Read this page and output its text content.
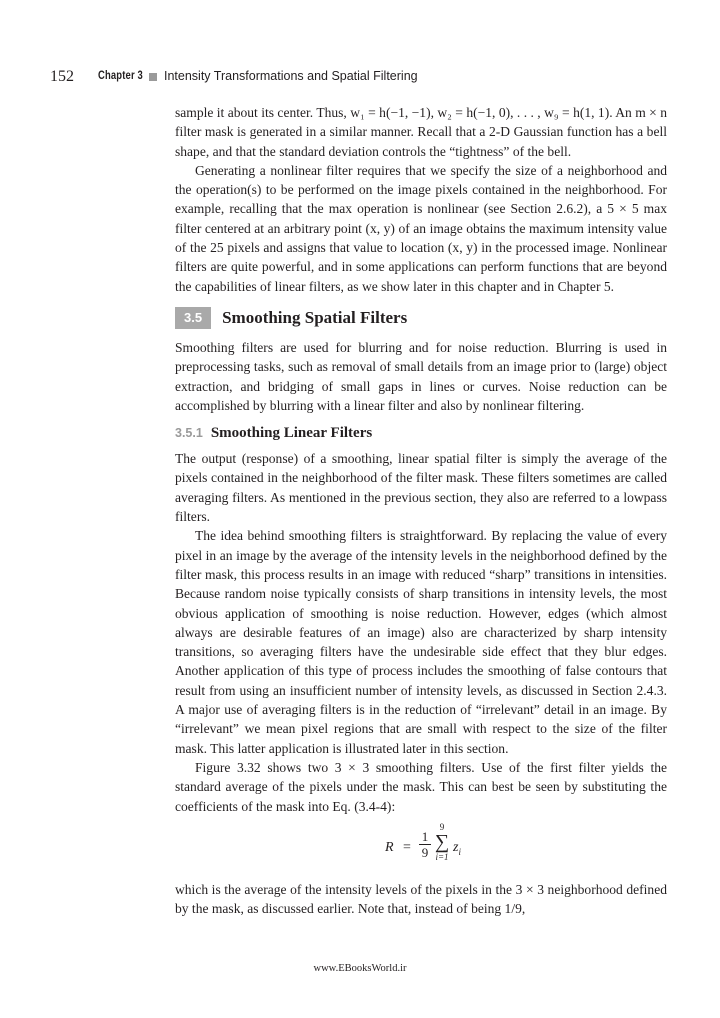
152 Chapter 3 Intensity Transformations and Spatial Filtering

sample it about its center. Thus, w₁ = h(−1, −1), w₂ = h(−1, 0), . . . , w₉ = h(1, 1). An m × n filter mask is generated in a similar manner. Recall that a 2-D Gaussian function has a bell shape, and that the standard deviation controls the “tightness” of the bell.

Generating a nonlinear filter requires that we specify the size of a neighborhood and the operation(s) to be performed on the image pixels contained in the neighborhood. For example, recalling that the max operation is nonlinear (see Section 2.6.2), a 5 × 5 max filter centered at an arbitrary point (x, y) of an image obtains the maximum intensity value of the 25 pixels and assigns that value to location (x, y) in the processed image. Nonlinear filters are quite powerful, and in some applications can perform functions that are beyond the capabilities of linear filters, as we show later in this chapter and in Chapter 5.

3.5	Smoothing Spatial Filters

Smoothing filters are used for blurring and for noise reduction. Blurring is used in preprocessing tasks, such as removal of small details from an image prior to (large) object extraction, and bridging of small gaps in lines or curves. Noise reduction can be accomplished by blurring with a linear filter and also by nonlinear filtering.

3.5.1 Smoothing Linear Filters

The output (response) of a smoothing, linear spatial filter is simply the average of the pixels contained in the neighborhood of the filter mask. These filters sometimes are called averaging filters. As mentioned in the previous section, they also are referred to a lowpass filters.

The idea behind smoothing filters is straightforward. By replacing the value of every pixel in an image by the average of the intensity levels in the neighborhood defined by the filter mask, this process results in an image with reduced “sharp” transitions in intensities. Because random noise typically consists of sharp transitions in intensity levels, the most obvious application of smoothing is noise reduction. However, edges (which almost always are desirable features of an image) also are characterized by sharp intensity transitions, so averaging filters have the undesirable side effect that they blur edges. Another application of this type of process includes the smoothing of false contours that result from using an insufficient number of intensity levels, as discussed in Section 2.4.3. A major use of averaging filters is in the reduction of “irrelevant” detail in an image. By “irrelevant” we mean pixel regions that are small with respect to the size of the filter mask. This latter application is illustrated later in this section.

Figure 3.32 shows two 3 × 3 smoothing filters. Use of the first filter yields the standard average of the pixels under the mask. This can best be seen by substituting the coefficients of the mask into Eq. (3.4-4):

$R = \frac{1}{9}$
9
∑
i=1
$z_i$

which is the average of the intensity levels of the pixels in the 3 × 3 neighborhood defined by the mask, as discussed earlier. Note that, instead of being 1/9,

www.EBooksWorld.ir
